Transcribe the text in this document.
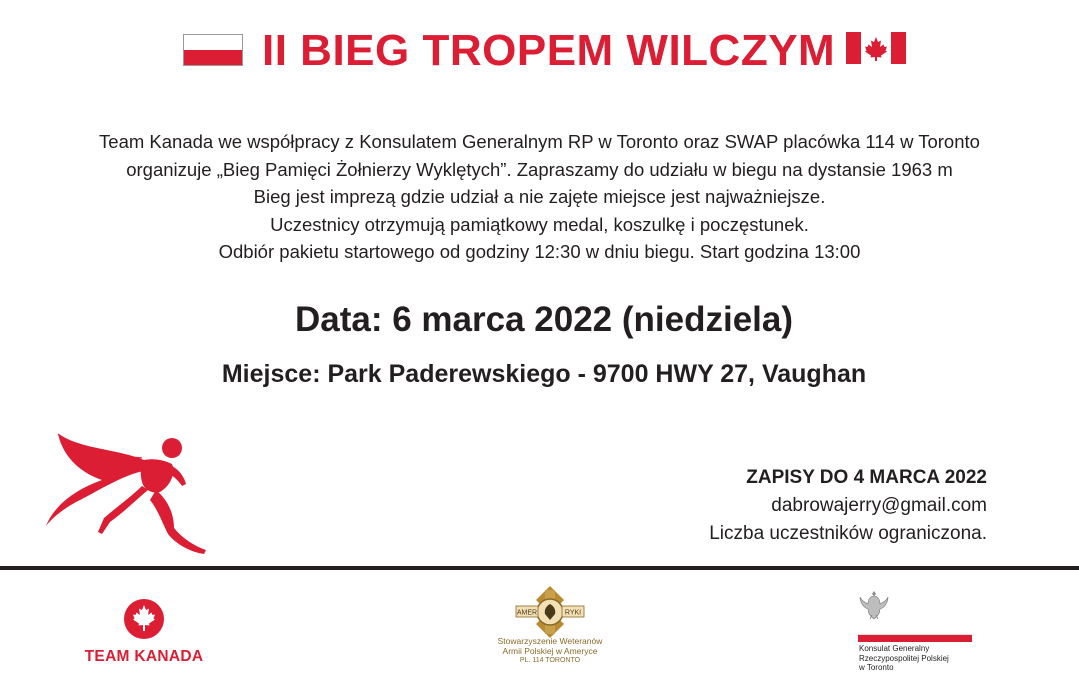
II BIEG TROPEM WILCZYM
Team Kanada we współpracy z Konsulatem Generalnym RP w Toronto oraz SWAP placówka 114 w Toronto
organizuje „Bieg Pamięci Żołnierzy Wyklętych”. Zapraszamy do udziału w biegu na dystansie 1963 m
Bieg jest imprezą gdzie udział a nie zajęte miejsce jest najważniejsze.
Uczestnicy otrzymują pamiątkowy medal, koszulkę i poczęstunek.
Odbiór pakietu startowego od godziny 12:30 w dniu biegu. Start godzina 13:00
Data: 6 marca 2022 (niedziela)
Miejsce: Park Paderewskiego - 9700 HWY 27, Vaughan
ZAPISY DO 4 MARCA 2022
dabrowajerry@gmail.com
Liczba uczestników ograniczona.
TEAM KANADA
AMER	RYKI
Stowarzyszenie Weteranów
Armii Polskiej w Ameryce
PL. 114 TORONTO
Konsulat Generalny
Rzeczypospolitej Polskiej
w Toronto
